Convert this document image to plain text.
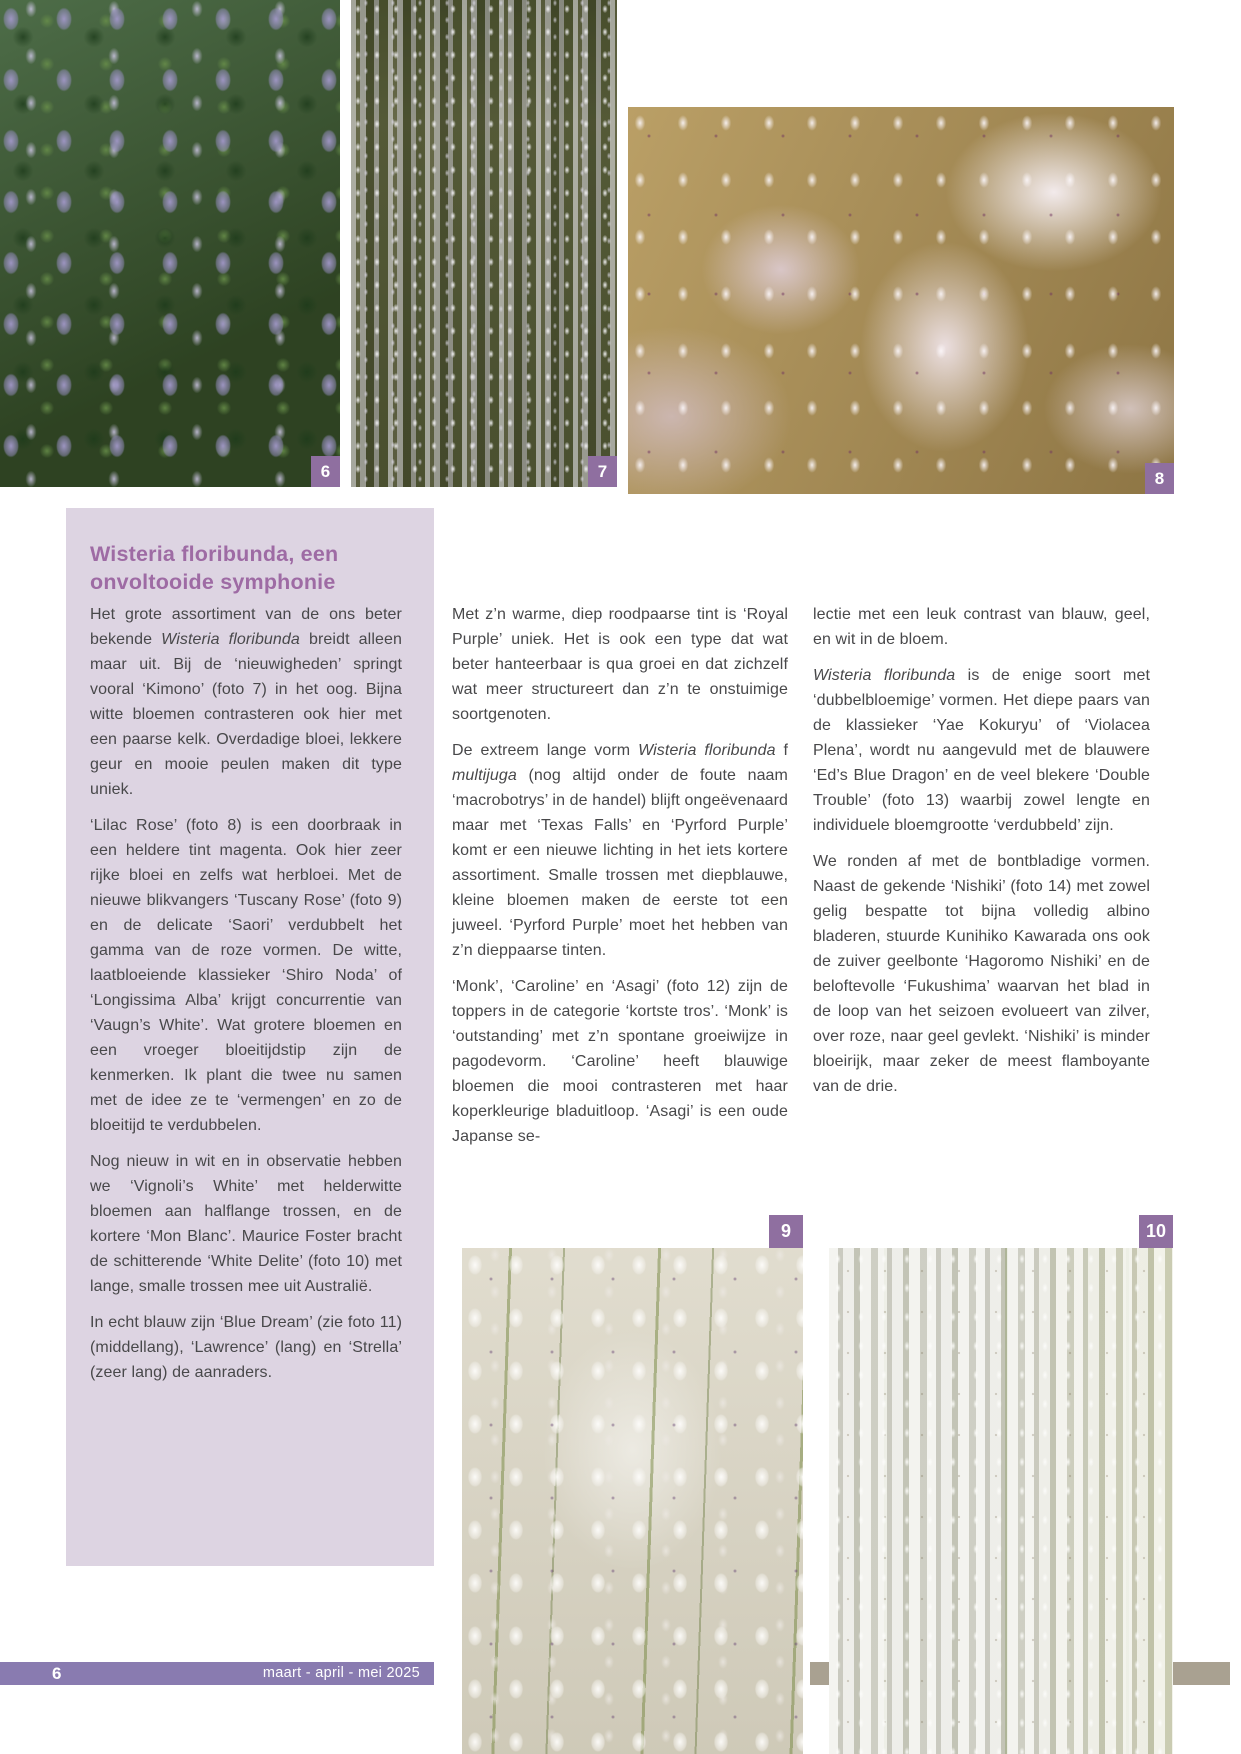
6	7	8
Wisteria floribunda, een onvoltooide symphonie

Het grote assortiment van de ons beter bekende Wisteria floribunda breidt alleen maar uit. Bij de ‘nieuwigheden’ springt vooral ‘Kimono’ (foto 7) in het oog. Bijna witte bloemen contrasteren ook hier met een paarse kelk. Overdadige bloei, lekkere geur en mooie peulen maken dit type uniek.

‘Lilac Rose’ (foto 8) is een doorbraak in een heldere tint magenta. Ook hier zeer rijke bloei en zelfs wat herbloei. Met de nieuwe blikvangers ‘Tuscany Rose’ (foto 9) en de delicate ‘Saori’ verdubbelt het gamma van de roze vormen. De witte, laatbloeiende klassieker ‘Shiro Noda’ of ‘Longissima Alba’ krijgt concurrentie van ‘Vaugn’s White’. Wat grotere bloemen en een vroeger bloeitijdstip zijn de kenmerken. Ik plant die twee nu samen met de idee ze te ‘vermengen’ en zo de bloeitijd te verdubbelen.

Nog nieuw in wit en in observatie hebben we ‘Vignoli’s White’ met helderwitte bloemen aan halflange trossen, en de kortere ‘Mon Blanc’. Maurice Foster bracht de schitterende ‘White Delite’ (foto 10) met lange, smalle trossen mee uit Australië.

In echt blauw zijn ‘Blue Dream’ (zie foto 11) (middellang), ‘Lawrence’ (lang) en ‘Strella’ (zeer lang) de aanraders.

Met z’n warme, diep roodpaarse tint is ‘Royal Purple’ uniek. Het is ook een type dat wat beter hanteerbaar is qua groei en dat zichzelf wat meer structureert dan z’n te onstuimige soortgenoten.

De extreem lange vorm Wisteria floribunda f multijuga (nog altijd onder de foute naam ‘macrobotrys’ in de handel) blijft ongeëvenaard maar met ‘Texas Falls’ en ‘Pyrford Purple’ komt er een nieuwe lichting in het iets kortere assortiment. Smalle trossen met diepblauwe, kleine bloemen maken de eerste tot een juweel. ‘Pyrford Purple’ moet het hebben van z’n dieppaarse tinten.

‘Monk’, ‘Caroline’ en ‘Asagi’ (foto 12) zijn de toppers in de categorie ‘kortste tros’. ‘Monk’ is ‘outstanding’ met z’n spontane groeiwijze in pagodevorm. ‘Caroline’ heeft blauwige bloemen die mooi contrasteren met haar koperkleurige bladuitloop. ‘Asagi’ is een oude Japanse se-

lectie met een leuk contrast van blauw, geel, en wit in de bloem.

Wisteria floribunda is de enige soort met ‘dubbelbloemige’ vormen. Het diepe paars van de klassieker ‘Yae Kokuryu’ of ‘Violacea Plena’, wordt nu aangevuld met de blauwere ‘Ed’s Blue Dragon’ en de veel blekere ‘Double Trouble’ (foto 13) waarbij zowel lengte en individuele bloemgrootte ‘verdubbeld’ zijn.

We ronden af met de bontbladige vormen. Naast de gekende ‘Nishiki’ (foto 14) met zowel gelig bespatte tot bijna volledig albino bladeren, stuurde Kunihiko Kawarada ons ook de zuiver geelbonte ‘Hagoromo Nishiki’ en de beloftevolle ‘Fukushima’ waarvan het blad in de loop van het seizoen evolueert van zilver, over roze, naar geel gevlekt. ‘Nishiki’ is minder bloeirijk, maar zeker de meest flamboyante van de drie.

9	10
6	maart - april - mei 2025
